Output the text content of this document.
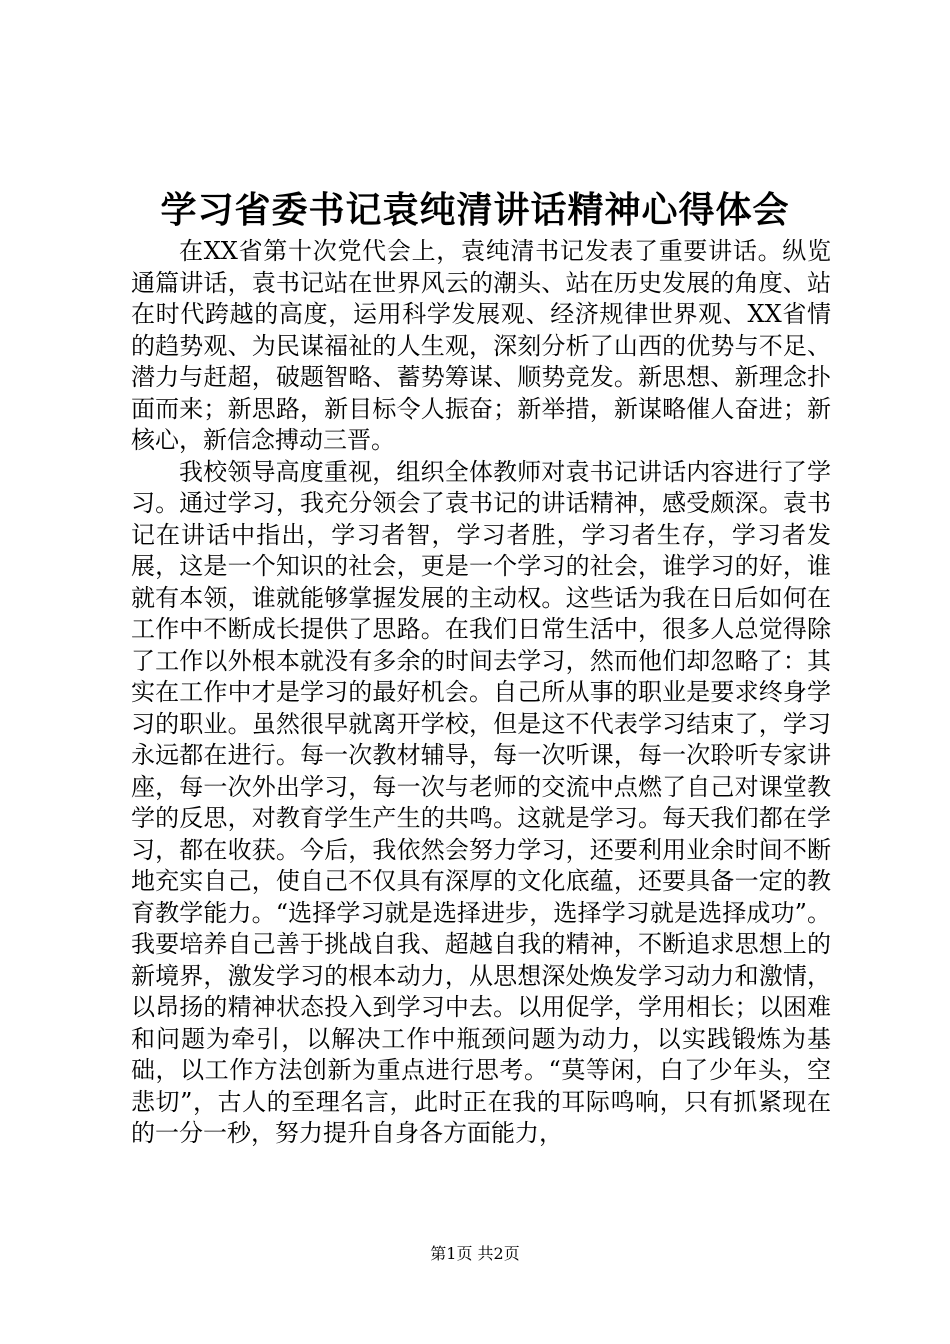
学习省委书记袁纯清讲话精神心得体会

在XX省第十次党代会上，袁纯清书记发表了重要讲话。纵览通篇讲话，袁书记站在世界风云的潮头、站在历史发展的角度、站在时代跨越的高度，运用科学发展观、经济规律世界观、XX省情的趋势观、为民谋福祉的人生观，深刻分析了山西的优势与不足、潜力与赶超，破题智略、蓄势筹谋、顺势竞发。新思想、新理念扑面而来；新思路，新目标令人振奋；新举措，新谋略催人奋进；新核心，新信念搏动三晋。

我校领导高度重视，组织全体教师对袁书记讲话内容进行了学习。通过学习，我充分领会了袁书记的讲话精神，感受颇深。袁书记在讲话中指出，学习者智，学习者胜，学习者生存，学习者发展，这是一个知识的社会，更是一个学习的社会，谁学习的好，谁就有本领，谁就能够掌握发展的主动权。这些话为我在日后如何在工作中不断成长提供了思路。在我们日常生活中，很多人总觉得除了工作以外根本就没有多余的时间去学习，然而他们却忽略了：其实在工作中才是学习的最好机会。自己所从事的职业是要求终身学习的职业。虽然很早就离开学校，但是这不代表学习结束了，学习永远都在进行。每一次教材辅导，每一次听课，每一次聆听专家讲座，每一次外出学习，每一次与老师的交流中点燃了自己对课堂教学的反思，对教育学生产生的共鸣。这就是学习。每天我们都在学习，都在收获。今后，我依然会努力学习，还要利用业余时间不断地充实自己，使自己不仅具有深厚的文化底蕴，还要具备一定的教育教学能力。“选择学习就是选择进步，选择学习就是选择成功”。我要培养自己善于挑战自我、超越自我的精神，不断追求思想上的新境界，激发学习的根本动力，从思想深处焕发学习动力和激情，以昂扬的精神状态投入到学习中去。以用促学，学用相长；以困难和问题为牵引，以解决工作中瓶颈问题为动力，以实践锻炼为基础，以工作方法创新为重点进行思考。“莫等闲，白了少年头，空悲切”，古人的至理名言，此时正在我的耳际鸣响，只有抓紧现在的一分一秒，努力提升自身各方面能力，

第1页 共2页
